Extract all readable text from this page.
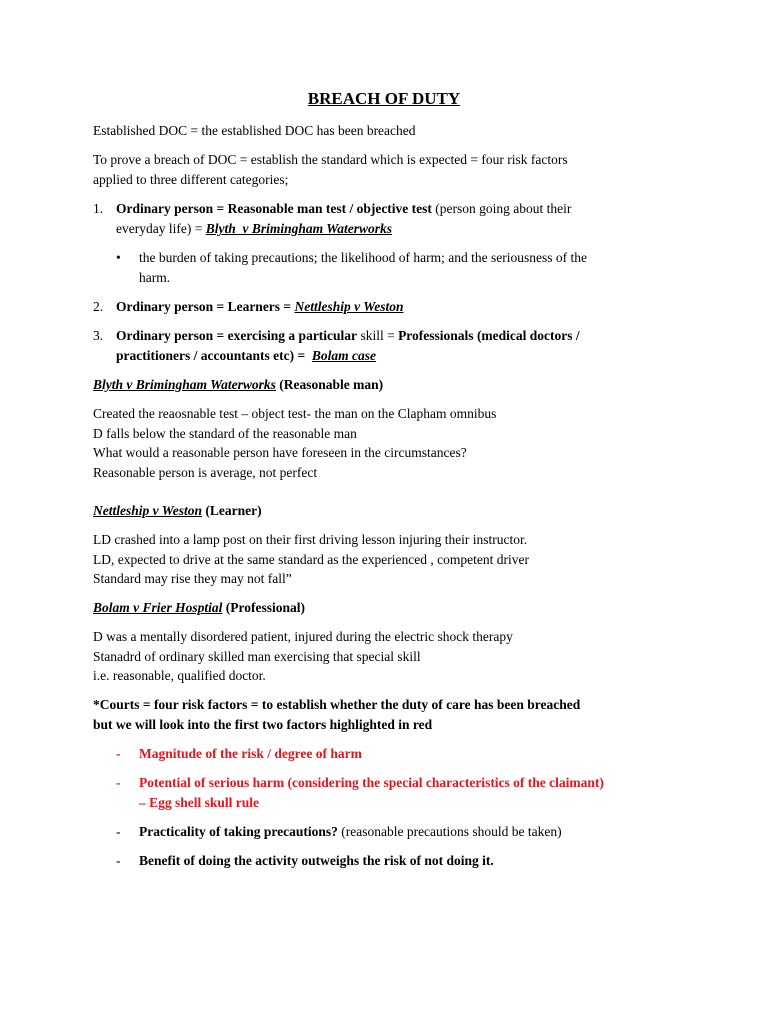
BREACH OF DUTY

Established DOC = the established DOC has been breached

To prove a breach of DOC = establish the standard which is expected = four risk factors

applied to three different categories;

1. Ordinary person = Reasonable man test / objective test (person going about their

everyday life) = Blyth  v Brimingham Waterworks

• the burden of taking precautions; the likelihood of harm; and the seriousness of the

harm.

2. Ordinary person = Learners = Nettleship v Weston

3. Ordinary person = exercising a particular skill = Professionals (medical doctors /

practitioners / accountants etc) =  Bolam case

Blyth v Brimingham Waterworks (Reasonable man)

Created the reaosnable test – object test- the man on the Clapham omnibus

D falls below the standard of the reasonable man

What would a reasonable person have foreseen in the circumstances?

Reasonable person is average, not perfect

Nettleship v Weston (Learner)

LD crashed into a lamp post on their first driving lesson injuring their instructor.

LD, expected to drive at the same standard as the experienced , competent driver

Standard may rise they may not fall”

Bolam v Frier Hosptial (Professional)

D was a mentally disordered patient, injured during the electric shock therapy

Stanadrd of ordinary skilled man exercising that special skill

i.e. reasonable, qualified doctor.

*Courts = four risk factors = to establish whether the duty of care has been breached

but we will look into the first two factors highlighted in red

- Magnitude of the risk / degree of harm

- Potential of serious harm (considering the special characteristics of the claimant)

– Egg shell skull rule

- Practicality of taking precautions? (reasonable precautions should be taken)

- Benefit of doing the activity outweighs the risk of not doing it.
